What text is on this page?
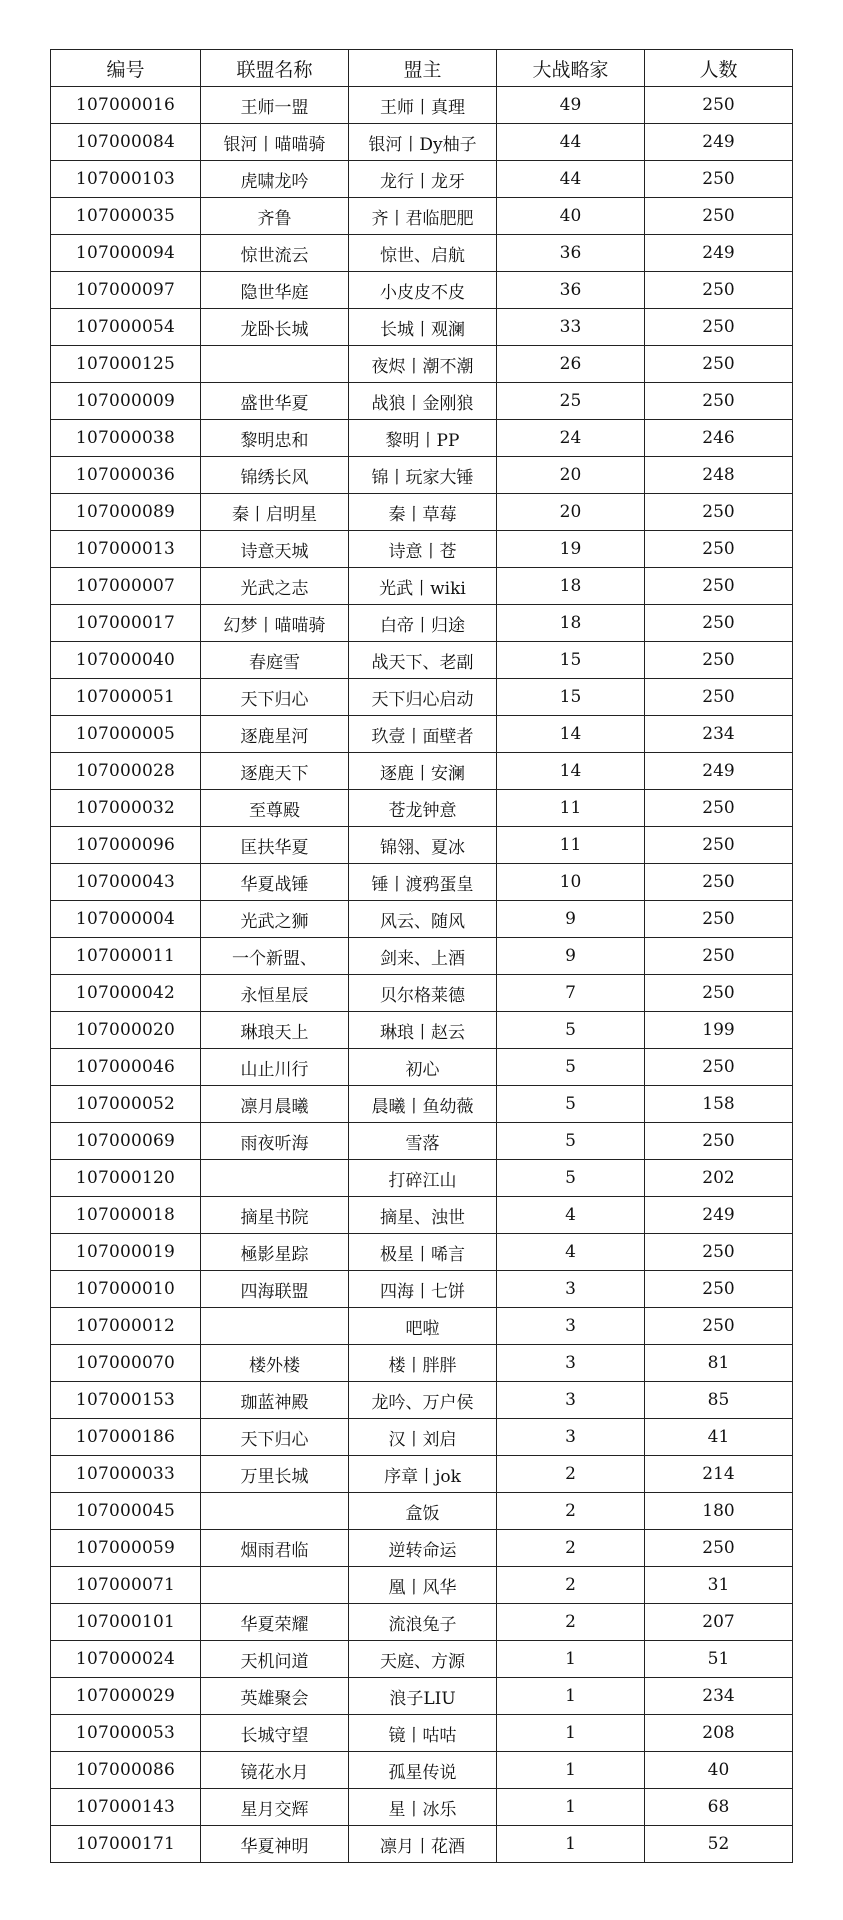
编号	联盟名称	盟主	大战略家	人数
107000016	王师一盟	王师丨真理	49	250
107000084	银河丨喵喵骑	银河丨Dy柚子	44	249
107000103	虎啸龙吟	龙行丨龙牙	44	250
107000035	齐鲁	齐丨君临肥肥	40	250
107000094	惊世流云	惊世、启航	36	249
107000097	隐世华庭	小皮皮不皮	36	250
107000054	龙卧长城	长城丨观澜	33	250
107000125		夜烬丨潮不潮	26	250
107000009	盛世华夏	战狼丨金刚狼	25	250
107000038	黎明忠和	黎明丨PP	24	246
107000036	锦绣长风	锦丨玩家大锤	20	248
107000089	秦丨启明星	秦丨草莓	20	250
107000013	诗意天城	诗意丨苍	19	250
107000007	光武之志	光武丨wiki	18	250
107000017	幻梦丨喵喵骑	白帝丨归途	18	250
107000040	春庭雪	战天下、老副	15	250
107000051	天下归心	天下归心启动	15	250
107000005	逐鹿星河	玖壹丨面壁者	14	234
107000028	逐鹿天下	逐鹿丨安澜	14	249
107000032	至尊殿	苍龙钟意	11	250
107000096	匡扶华夏	锦翎、夏冰	11	250
107000043	华夏战锤	锤丨渡鸦蛋皇	10	250
107000004	光武之狮	风云、随风	9	250
107000011	一个新盟、	剑来、上酒	9	250
107000042	永恒星辰	贝尔格莱德	7	250
107000020	琳琅天上	琳琅丨赵云	5	199
107000046	山止川行	初心	5	250
107000052	凛月晨曦	晨曦丨鱼幼薇	5	158
107000069	雨夜听海	雪落	5	250
107000120		打碎江山	5	202
107000018	摘星书院	摘星、浊世	4	249
107000019	極影星踪	极星丨唏言	4	250
107000010	四海联盟	四海丨七饼	3	250
107000012		吧啦	3	250
107000070	楼外楼	楼丨胖胖	3	81
107000153	珈蓝神殿	龙吟、万户侯	3	85
107000186	天下归心	汉丨刘启	3	41
107000033	万里长城	序章丨jok	2	214
107000045		盒饭	2	180
107000059	烟雨君临	逆转命运	2	250
107000071		凰丨风华	2	31
107000101	华夏荣耀	流浪兔子	2	207
107000024	天机问道	天庭、方源	1	51
107000029	英雄聚会	浪子LIU	1	234
107000053	长城守望	镜丨咕咕	1	208
107000086	镜花水月	孤星传说	1	40
107000143	星月交辉	星丨冰乐	1	68
107000171	华夏神明	凛月丨花酒	1	52
